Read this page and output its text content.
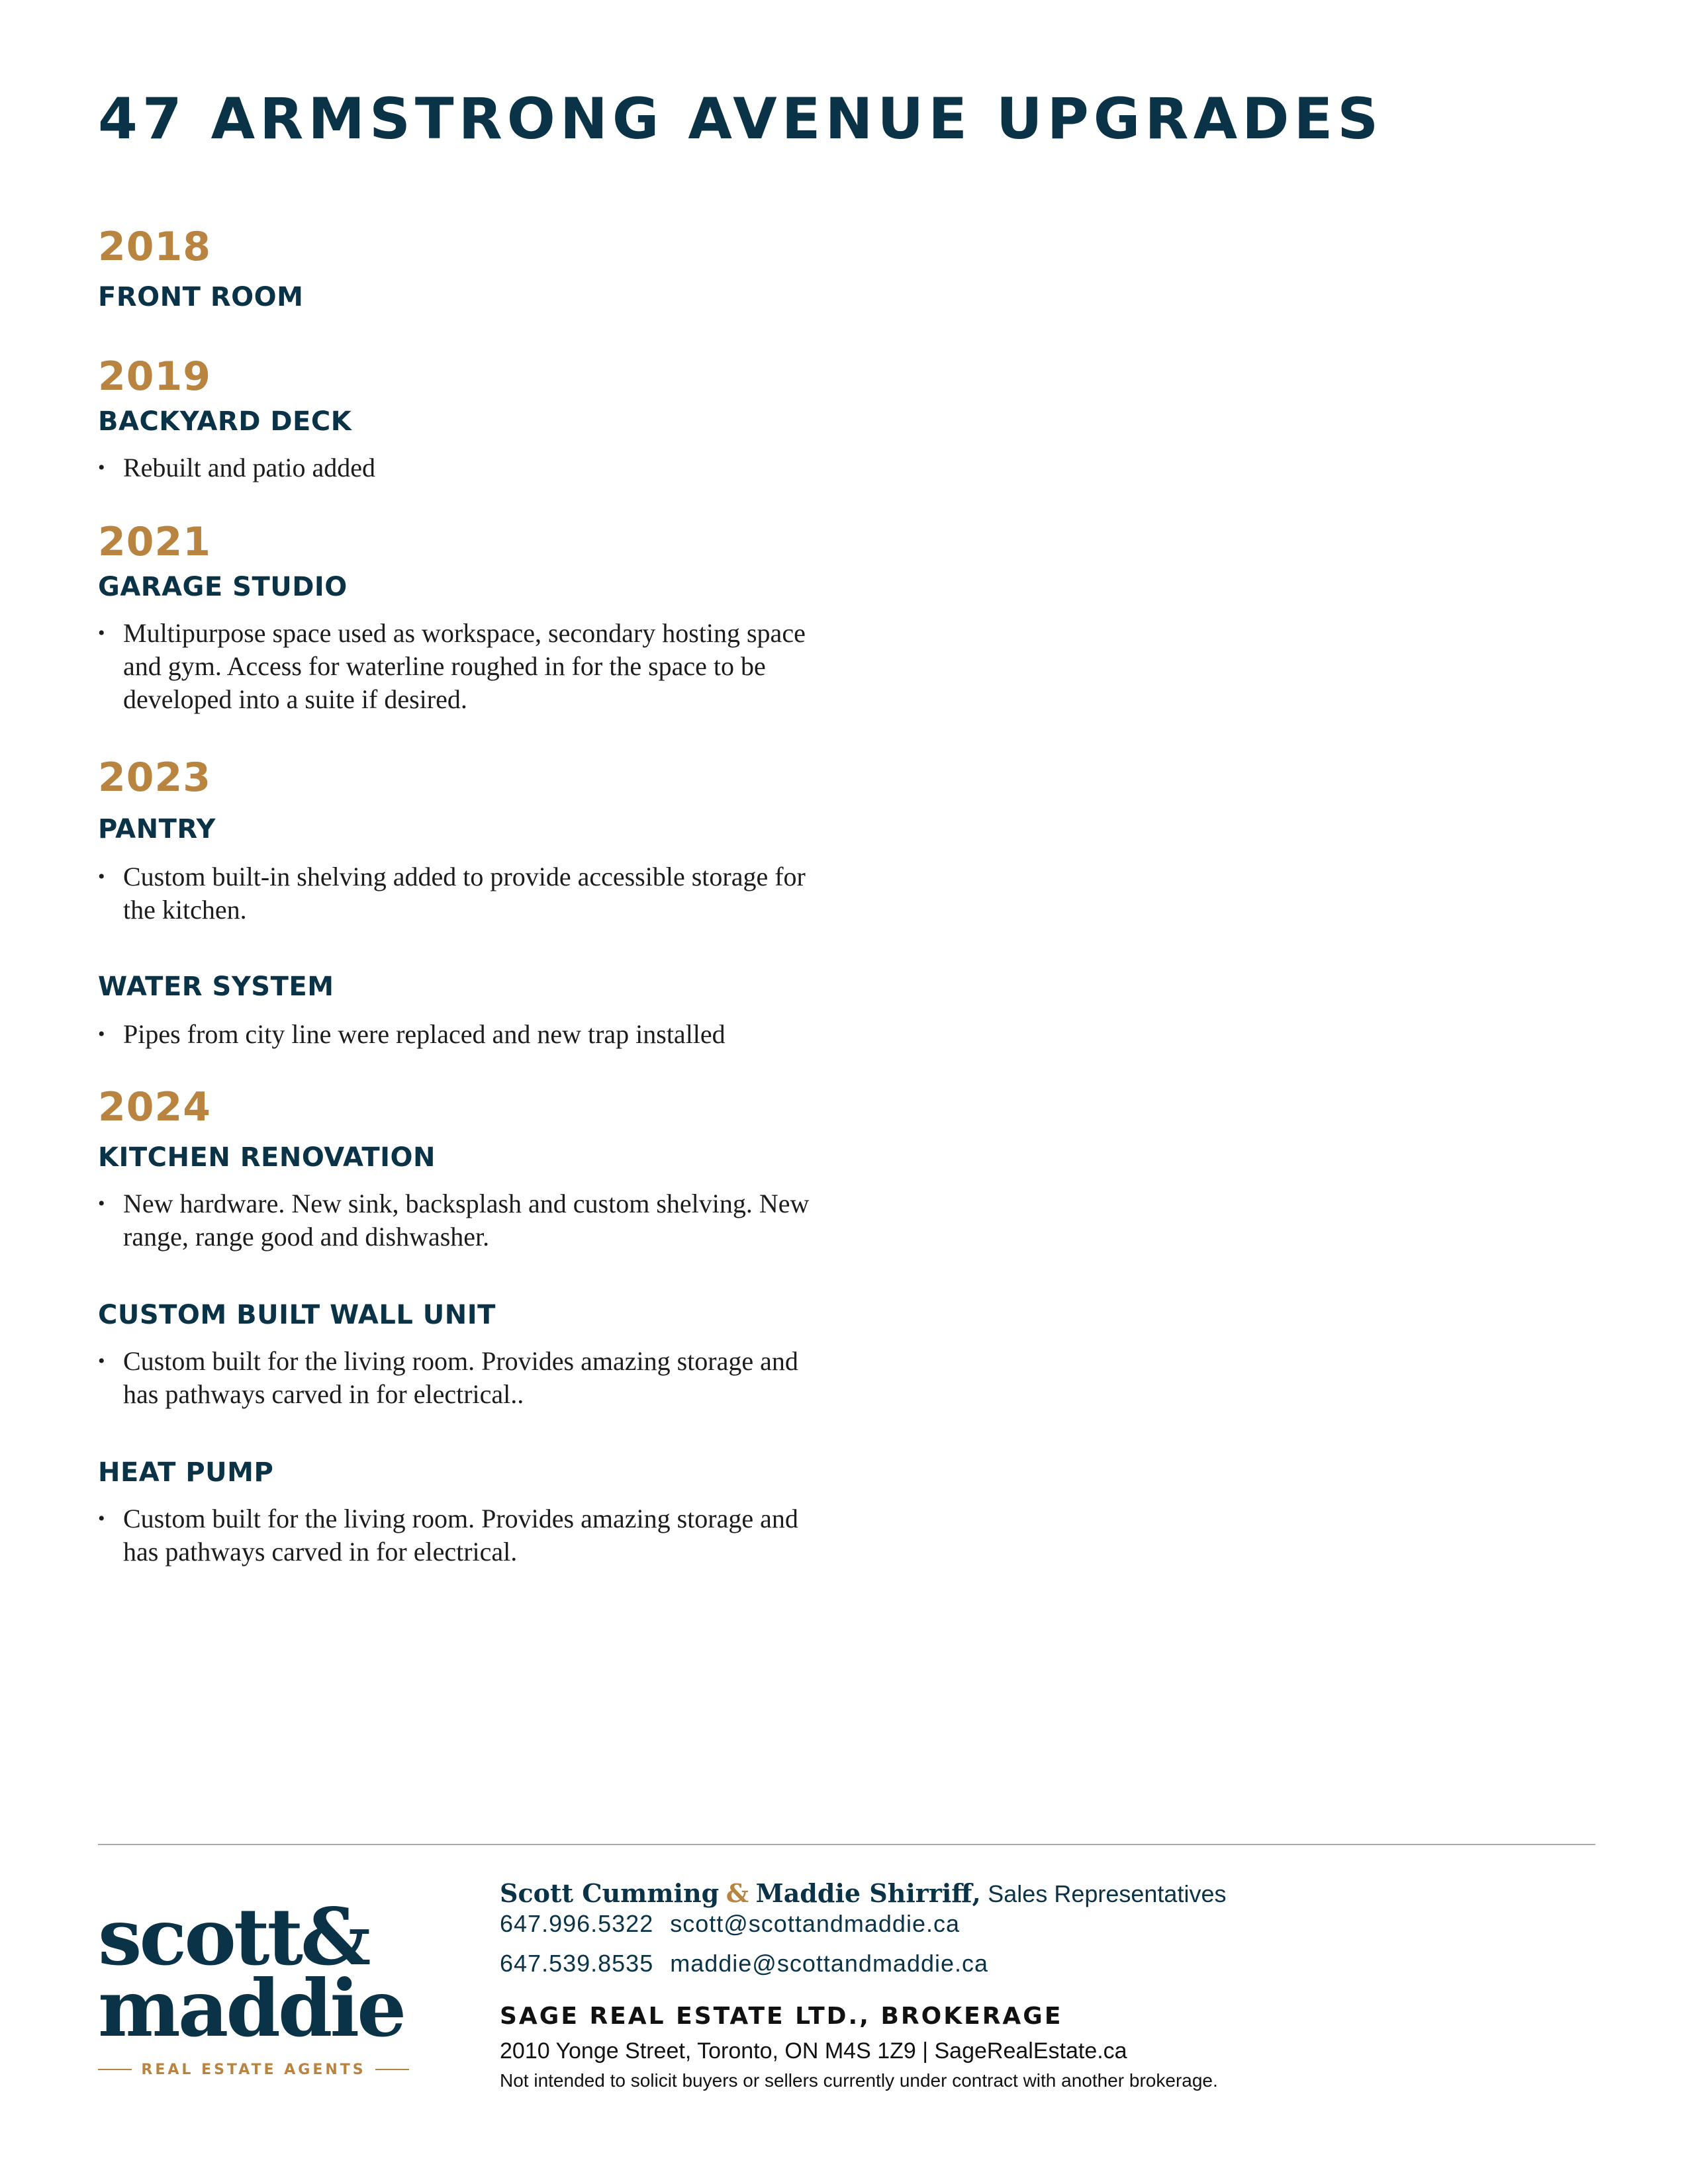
47 ARMSTRONG AVENUE UPGRADES
2018
FRONT ROOM
2019
BACKYARD DECK
• Rebuilt and patio added
2021
GARAGE STUDIO
• Multipurpose space used as workspace, secondary hosting space and gym. Access for waterline roughed in for the space to be developed into a suite if desired.
2023
PANTRY
• Custom built-in shelving added to provide accessible storage for the kitchen.
WATER SYSTEM
• Pipes from city line were replaced and new trap installed
2024
KITCHEN RENOVATION
• New hardware. New sink, backsplash and custom shelving. New range, range good and dishwasher.
CUSTOM BUILT WALL UNIT
• Custom built for the living room. Provides amazing storage and has pathways carved in for electrical..
HEAT PUMP
• Custom built for the living room. Provides amazing storage and has pathways carved in for electrical.
scott&
maddie
REAL ESTATE AGENTS
Scott Cumming & Maddie Shirriff, Sales Representatives
647.996.5322 scott@scottandmaddie.ca
647.539.8535 maddie@scottandmaddie.ca
SAGE REAL ESTATE LTD., BROKERAGE
2010 Yonge Street, Toronto, ON M4S 1Z9 | SageRealEstate.ca
Not intended to solicit buyers or sellers currently under contract with another brokerage.
